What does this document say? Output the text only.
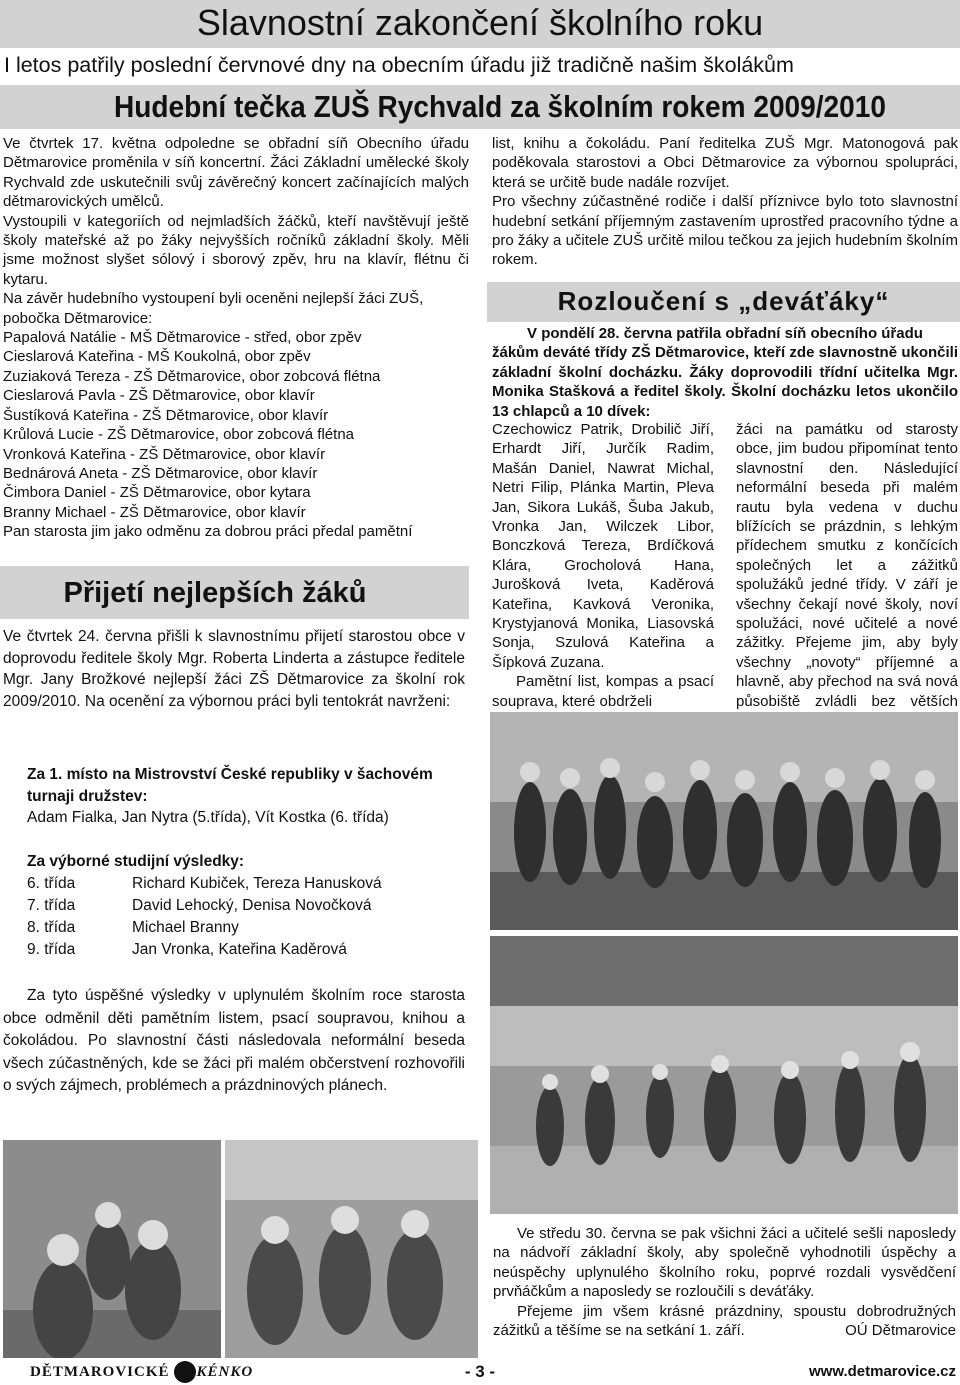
Slavnostní zakončení školního roku
I letos patřily poslední červnové dny na obecním úřadu již tradičně našim školákům
Hudební tečka ZUŠ Rychvald za školním rokem 2009/2010

Ve čtvrtek 17. května odpoledne se obřadní síň Obecního úřadu Dětmarovice proměnila v síň koncertní. Žáci Základní umělecké školy Rychvald zde uskutečnili svůj závěrečný koncert začínajících malých dětmarovických umělců.

Vystoupili v kategoriích od nejmladších žáčků, kteří navštěvují ještě školy mateřské až po žáky nejvyšších ročníků základní školy. Měli jsme možnost slyšet sólový i sborový zpěv, hru na klavír, flétnu či kytaru.

Na závěr hudebního vystoupení byli oceněni nejlepší žáci ZUŠ, pobočka Dětmarovice:

Papalová Natálie - MŠ Dětmarovice - střed, obor zpěv

Cieslarová Kateřina - MŠ Koukolná, obor zpěv

Zuziaková Tereza - ZŠ Dětmarovice, obor zobcová flétna

Cieslarová Pavla - ZŠ Dětmarovice, obor klavír

Šustíková Kateřina - ZŠ Dětmarovice, obor klavír

Krůlová Lucie - ZŠ Dětmarovice, obor zobcová flétna

Vronková Kateřina - ZŠ Dětmarovice, obor klavír

Bednárová Aneta - ZŠ Dětmarovice, obor klavír

Čimbora Daniel - ZŠ Dětmarovice, obor kytara

Branny Michael - ZŠ Dětmarovice, obor klavír

Pan starosta jim jako odměnu za dobrou práci předal pamětní

list, knihu a čokoládu. Paní ředitelka ZUŠ Mgr. Matonogová pak poděkovala starostovi a Obci Dětmarovice za výbornou spolupráci, která se určitě bude nadále rozvíjet.

Pro všechny zúčastněné rodiče i další příznivce bylo toto slavnostní hudební setkání příjemným zastavením uprostřed pracovního týdne a pro žáky a učitele ZUŠ určitě milou tečkou za jejich hudebním školním rokem.

Rozloučení s „deváťáky“

V pondělí 28. června patřila obřadní síň obecního úřadu

žákům deváté třídy ZŠ Dětmarovice, kteří zde slavnostně ukončili základní školní docházku. Žáky doprovodili třídní učitelka Mgr. Monika Stašková a ředitel školy. Školní docházku letos ukončilo 13 chlapců a 10 dívek:

Czechowicz Patrik, Drobilič Jiří, Erhardt Jiří, Jurčík Radim, Mašán Daniel, Nawrat Michal, Netri Filip, Plánka Martin, Pleva Jan, Sikora Lukáš, Šuba Jakub, Vronka Jan, Wilczek Libor, Bonczková Tereza, Brdíčková Klára, Grocholová Hana, Jurošková Iveta, Kaděrová Kateřina, Kavková Veronika, Krystyjanová Monika, Liasovská Sonja, Szulová Kateřina a Šípková Zuzana.

Pamětní list, kompas a psací souprava, které obdrželi

žáci na památku od starosty obce, jim budou připomínat tento slavnostní den. Následující neformální beseda při malém rautu byla vedena v duchu blížících se prázdnin, s lehkým přídechem smutku z končících společných let a zážitků spolužáků jedné třídy. V září je všechny čekají nové školy, noví spolužáci, nové učitelé a nové zážitky. Přejeme jim, aby byly všechny „novoty“ příjemné a hlavně, aby přechod na svá nová působiště zvládli bez větších

Přijetí nejlepších žáků

Ve čtvrtek 24. června přišli k slavnostnímu přijetí starostou obce v doprovodu ředitele školy Mgr. Roberta Linderta a zástupce ředitele Mgr. Jany Brožkové nejlepší žáci ZŠ Dětmarovice za školní rok 2009/2010. Na ocenění za výbornou práci byli tentokrát navrženi:

Za 1. místo na Mistrovství České republiky v šachovém turnaji družstev:

Adam Fialka, Jan Nytra (5.třída), Vít Kostka (6. třída)

Za výborné studijní výsledky:

6. třída	Richard Kubiček, Tereza Hanusková
7. třída	David Lehocký, Denisa Novočková
8. třída	Michael Branny
9. třída	Jan Vronka, Kateřina Kaděrová

Za tyto úspěšné výsledky v uplynulém školním roce starosta obce odměnil děti pamětním listem, psací soupravou, knihou a čokoládou. Po slavnostní části následovala neformální beseda všech zúčastněných, kde se žáci při malém občerstvení rozhovořili o svých zájmech, problémech a prázdninových plánech.

Ve středu 30. června se pak všichni žáci a učitelé sešli naposledy na nádvoří základní školy, aby společně vyhodnotili úspěchy a neúspěchy uplynulého školního roku, poprvé rozdali vysvědčení prvňáčkům a naposledy se rozloučili s deváťáky.

Přejeme jim všem krásné prázdniny, spoustu dobrodružných zážitků a těšíme se na setkání 1. září.	OÚ Dětmarovice

DĚTMAROVICKÉ KÉNKO	- 3 -	www.detmarovice.cz
